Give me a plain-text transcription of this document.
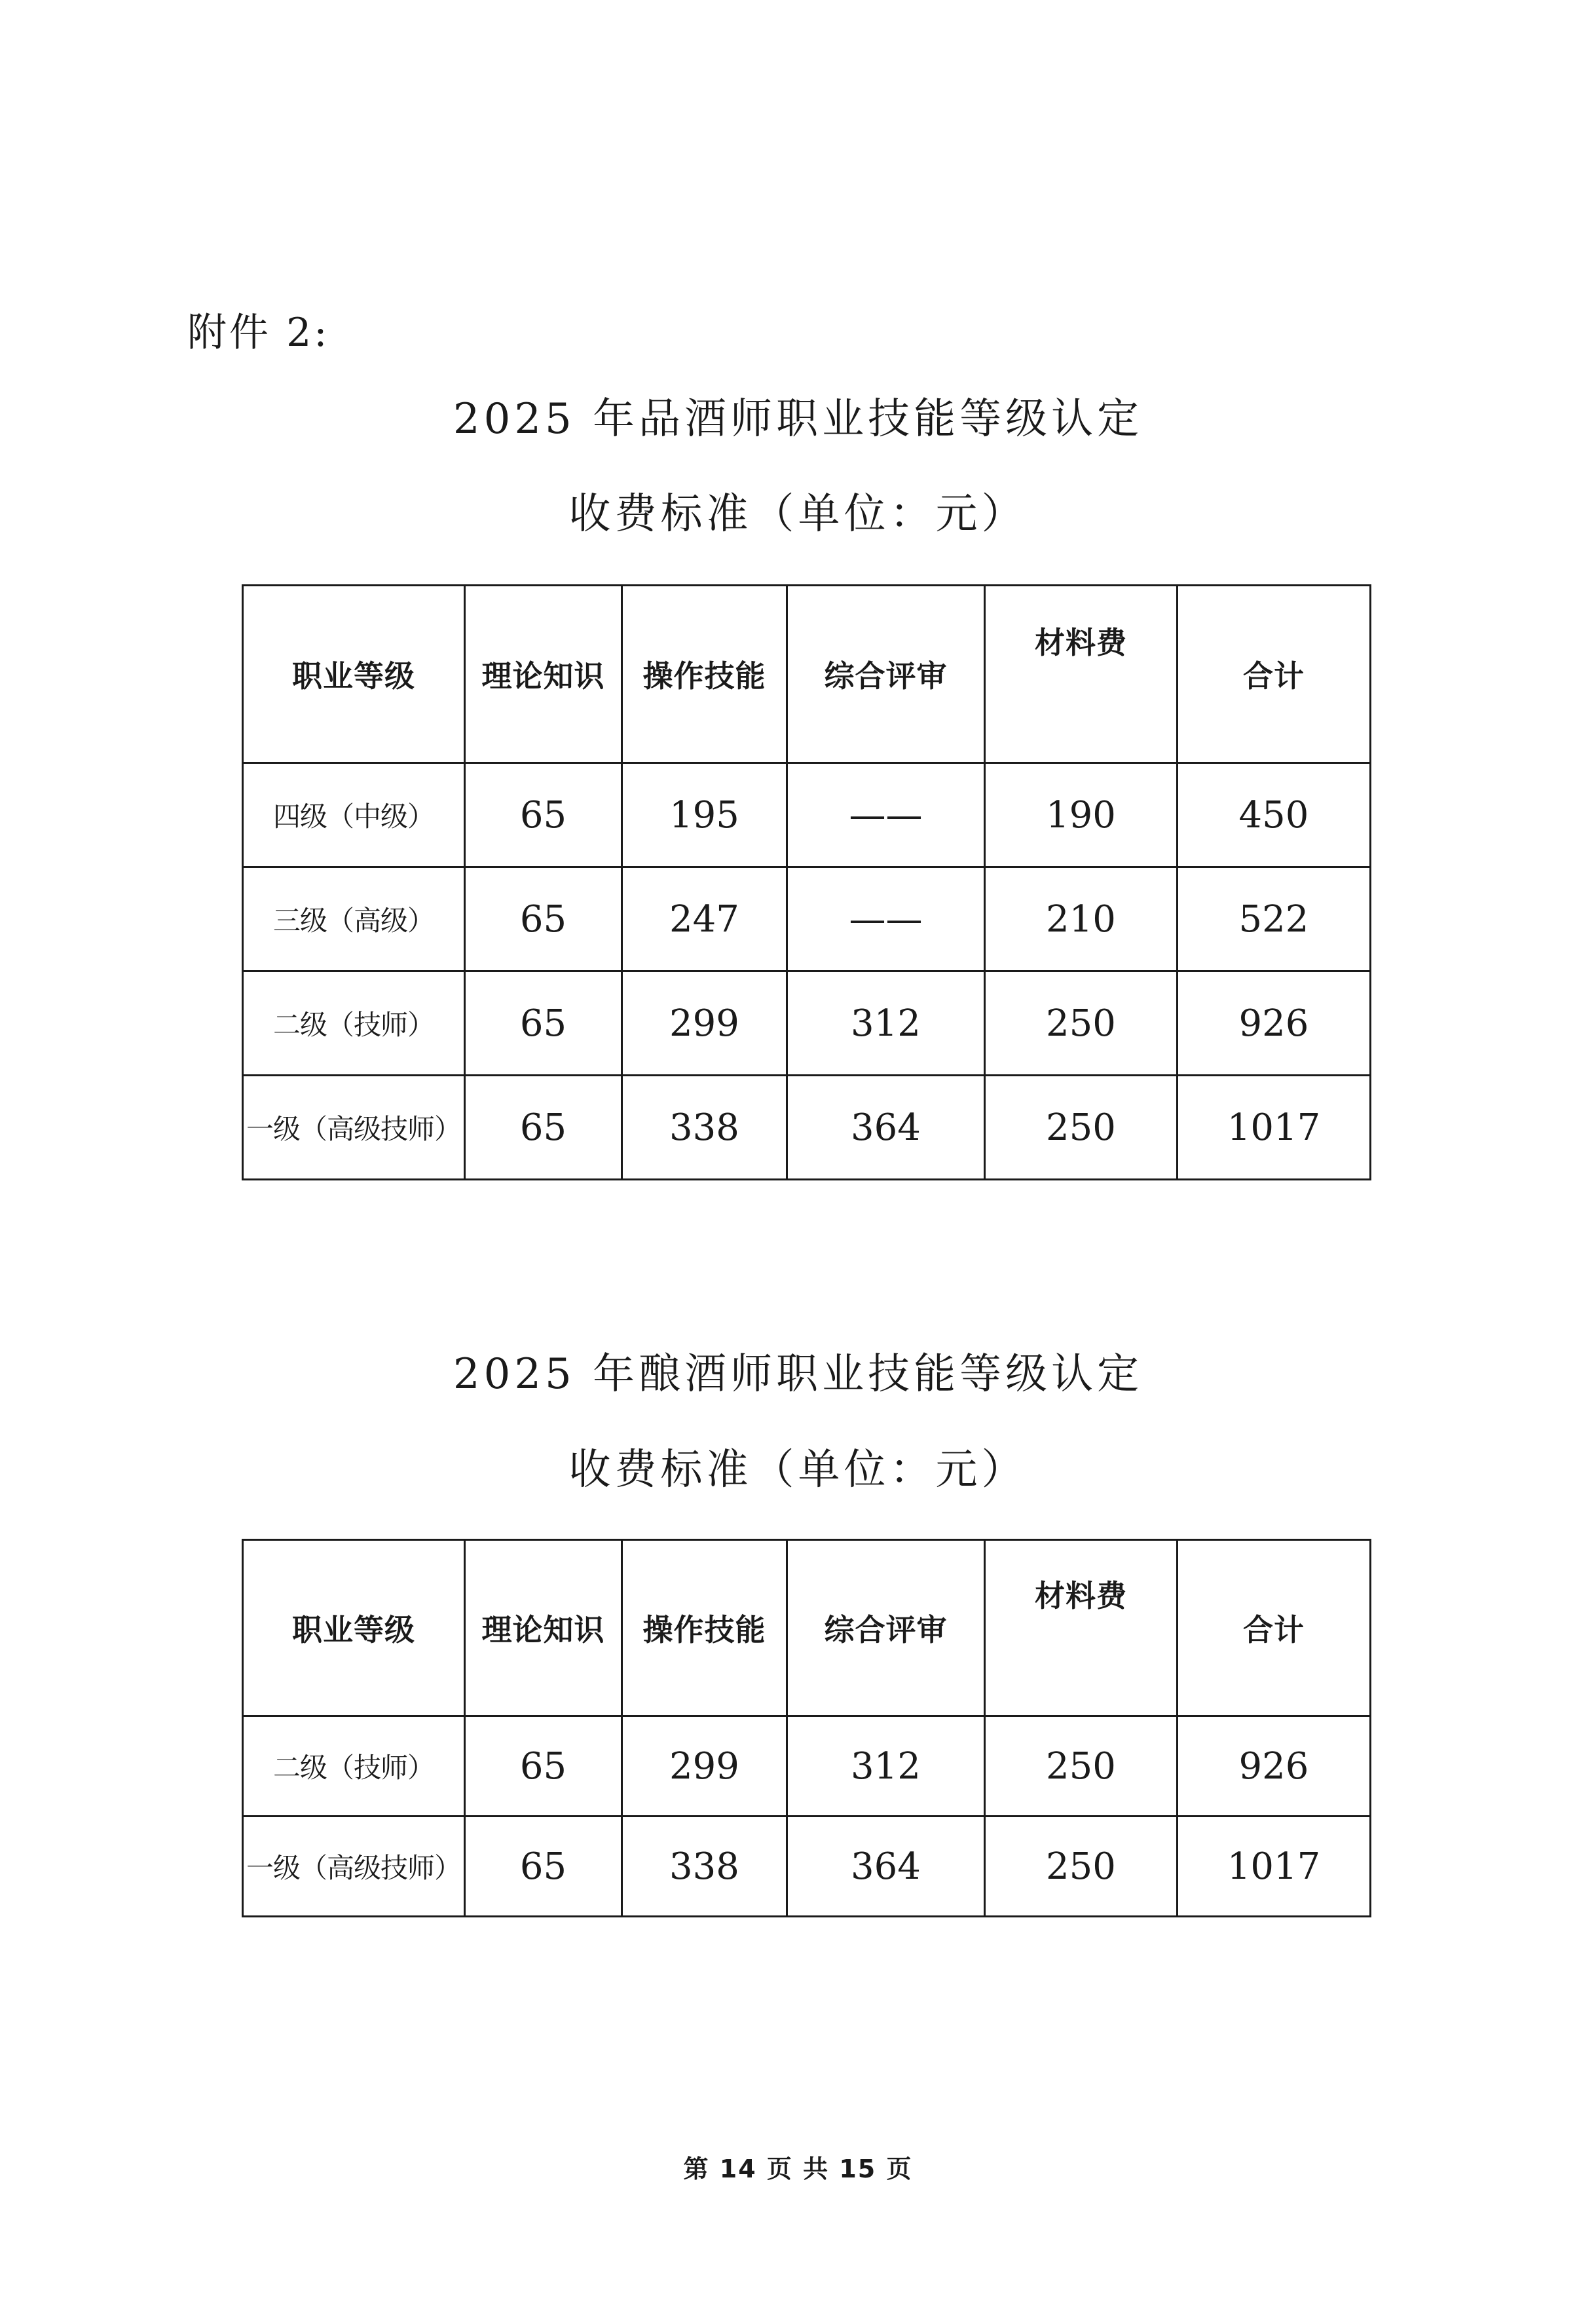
附件 2:
2025 年品酒师职业技能等级认定
收费标准（单位：元）
职业等级	理论知识	操作技能	综合评审	材料费	合计
四级（中级）	65	195	——	190	450
三级（高级）	65	247	——	210	522
二级（技师）	65	299	312	250	926
一级（高级技师）	65	338	364	250	1017
2025 年酿酒师职业技能等级认定
收费标准（单位：元）
职业等级	理论知识	操作技能	综合评审	材料费	合计
二级（技师）	65	299	312	250	926
一级（高级技师）	65	338	364	250	1017
第 14 页 共 15 页
